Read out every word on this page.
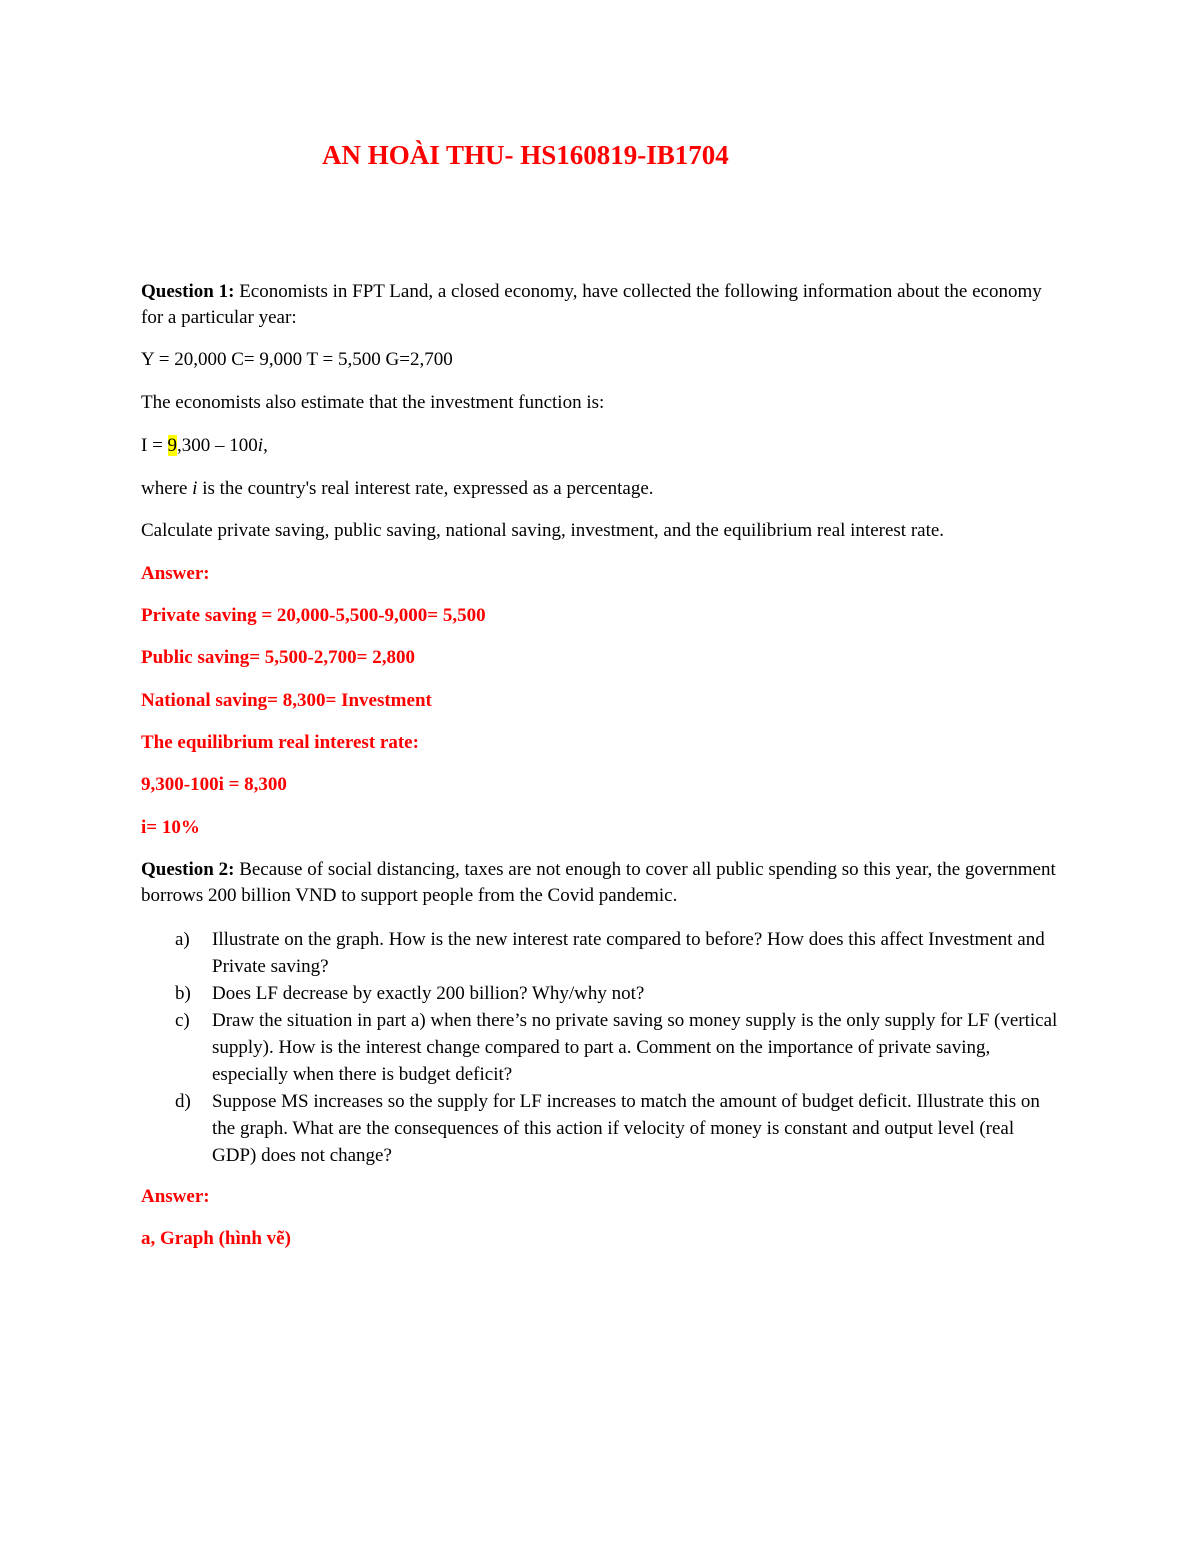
AN HOÀI THU- HS160819-IB1704

Question 1: Economists in FPT Land, a closed economy, have collected the following information about the economy for a particular year:

Y = 20,000 C= 9,000 T = 5,500 G=2,700

The economists also estimate that the investment function is:

I = 9,300 – 100i,

where i is the country's real interest rate, expressed as a percentage.

Calculate private saving, public saving, national saving, investment, and the equilibrium real interest rate.

Answer:

Private saving = 20,000-5,500-9,000= 5,500

Public saving= 5,500-2,700= 2,800

National saving= 8,300= Investment

The equilibrium real interest rate:

9,300-100i = 8,300

i= 10%

Question 2: Because of social distancing, taxes are not enough to cover all public spending so this year, the government borrows 200 billion VND to support people from the Covid pandemic.

a) Illustrate on the graph. How is the new interest rate compared to before? How does this affect Investment and Private saving?
b) Does LF decrease by exactly 200 billion? Why/why not?
c) Draw the situation in part a) when there’s no private saving so money supply is the only supply for LF (vertical supply). How is the interest change compared to part a. Comment on the importance of private saving, especially when there is budget deficit?
d) Suppose MS increases so the supply for LF increases to match the amount of budget deficit. Illustrate this on the graph. What are the consequences of this action if velocity of money is constant and output level (real GDP) does not change?

Answer:

a, Graph (hình vẽ)
